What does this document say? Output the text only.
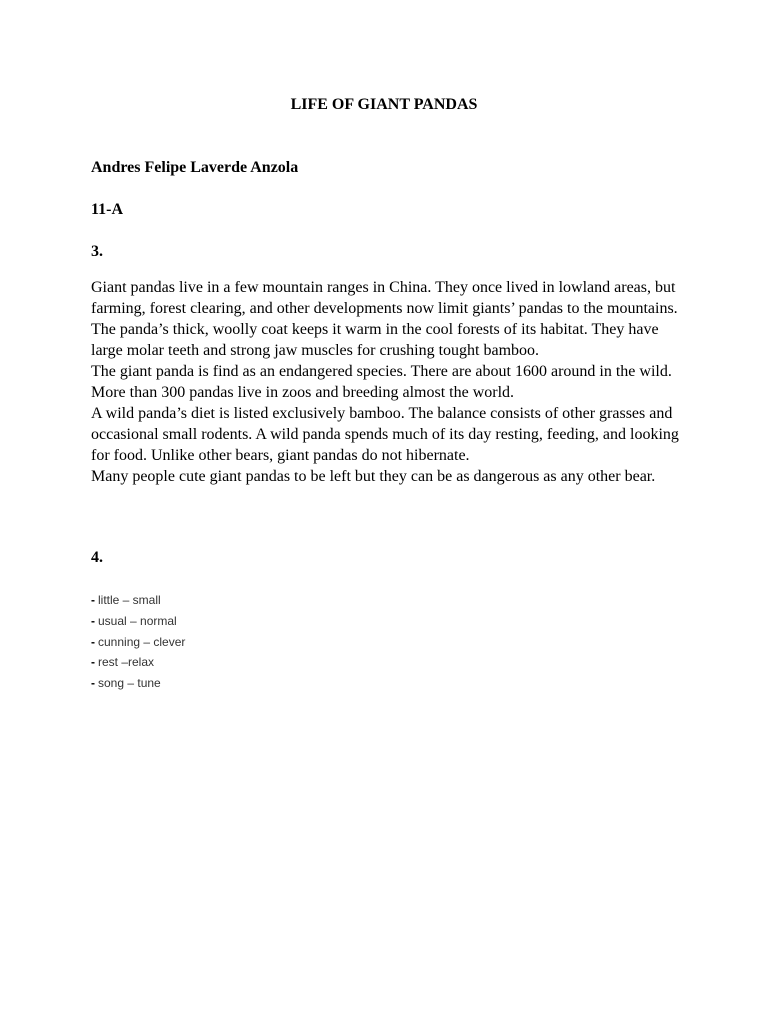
LIFE OF GIANT PANDAS
Andres Felipe Laverde Anzola
11-A
3.

Giant pandas live in a few mountain ranges in China. They once lived in lowland areas, but farming, forest clearing, and other developments now limit giants’ pandas to the mountains.

The panda’s thick, woolly coat keeps it warm in the cool forests of its habitat. They have large molar teeth and strong jaw muscles for crushing tought bamboo.

The giant panda is find as an endangered species. There are about 1600 around in the wild. More than 300 pandas live in zoos and breeding almost the world.

A wild panda’s diet is listed exclusively bamboo. The balance consists of other grasses and occasional small rodents. A wild panda spends much of its day resting, feeding, and looking for food. Unlike other bears, giant pandas do not hibernate.

Many people cute giant pandas to be left but they can be as dangerous as any other bear.

4.
- little – small
- usual – normal
- cunning – clever
- rest –relax
- song – tune
